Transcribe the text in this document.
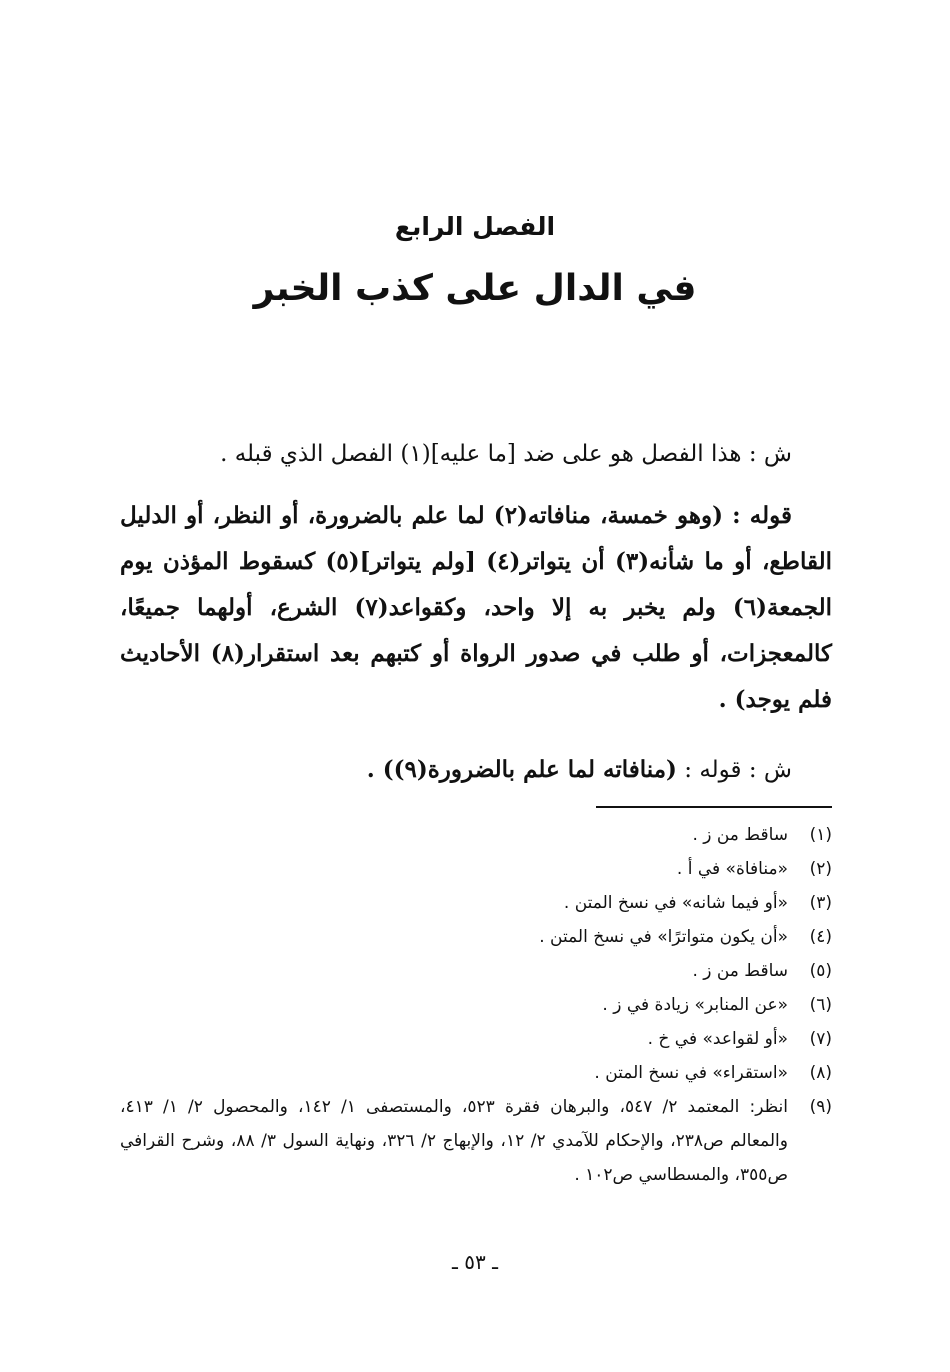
الفصل الرابع
في الدال على كذب الخبر

ش : هذا الفصل هو على ضد [ما عليه](١) الفصل الذي قبله .

قوله : (وهو خمسة، منافاته(٢) لما علم بالضرورة، أو النظر، أو الدليل القاطع، أو ما شأنه(٣) أن يتواتر(٤) [ولم يتواتر](٥) كسقوط المؤذن يوم الجمعة(٦) ولم يخبر به إلا واحد، وكقواعد(٧) الشرع، أولهما جميعًا، كالمعجزات، أو طلب في صدور الرواة أو كتبهم بعد استقرار(٨) الأحاديث فلم يوجد) .

ش : قوله : (منافاته لما علم بالضرورة(٩)) .

(١)
ساقط من ز .
(٢)
«منافاة» في أ .
(٣)
«أو فيما شانه» في نسخ المتن .
(٤)
«أن يكون متواترًا» في نسخ المتن .
(٥)
ساقط من ز .
(٦)
«عن المنابر» زيادة في ز .
(٧)
«أو لقواعد» في خ .
(٨)
«استقراء» في نسخ المتن .
(٩)
انظر: المعتمد ٢/ ٥٤٧، والبرهان فقرة ٥٢٣، والمستصفى ١/ ١٤٢، والمحصول ٢/ ١/ ٤١٣، والمعالم ص٢٣٨، والإحكام للآمدي ٢/ ١٢، والإبهاج ٢/ ٣٢٦، ونهاية السول ٣/ ٨٨، وشرح القرافي ص٣٥٥، والمسطاسي ص١٠٢ .
ـ ٥٣ ـ
